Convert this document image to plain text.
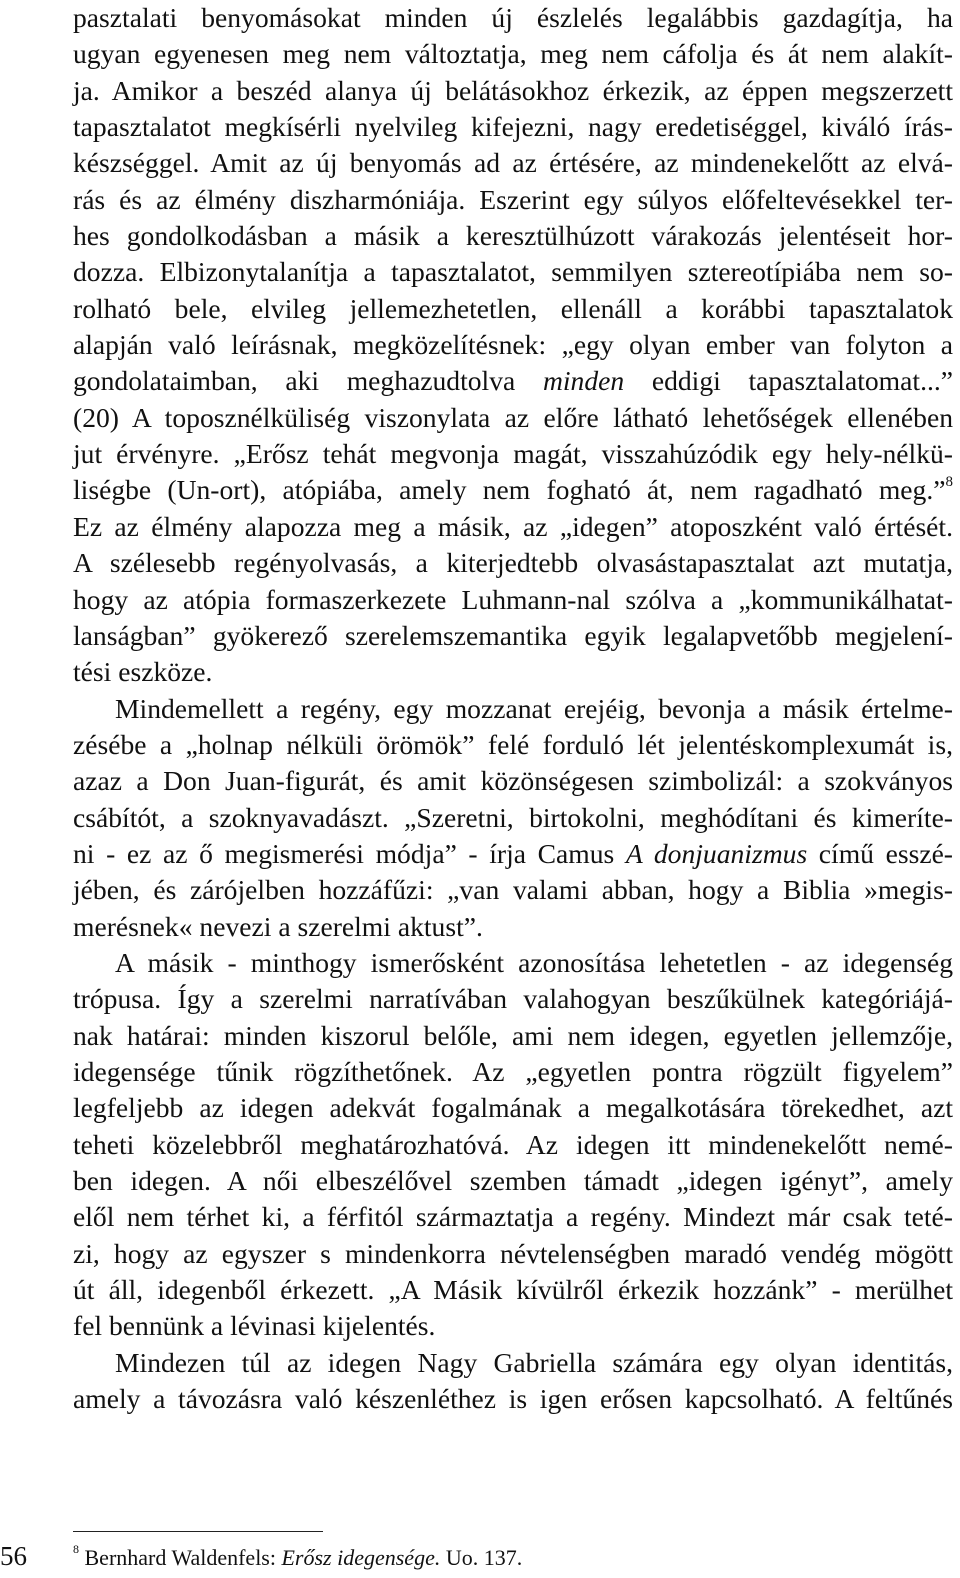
pasztalati benyomásokat minden új észlelés legalábbis gazdagítja, ha
ugyan egyenesen meg nem változtatja, meg nem cáfolja és át nem alakít-
ja. Amikor a beszéd alanya új belátásokhoz érkezik, az éppen megszerzett
tapasztalatot megkísérli nyelvileg kifejezni, nagy eredetiséggel, kiváló írás-
készséggel. Amit az új benyomás ad az értésére, az mindenekelőtt az elvá-
rás és az élmény diszharmóniája. Eszerint egy súlyos előfeltevésekkel ter-
hes gondolkodásban a másik a keresztülhúzott várakozás jelentéseit hor-
dozza. Elbizonytalanítja a tapasztalatot, semmilyen sztereotípiába nem so-
rolható bele, elvileg jellemezhetetlen, ellenáll a korábbi tapasztalatok
alapján való leírásnak, megközelítésnek: „egy olyan ember van folyton a
gondolataimban, aki meghazudtolva minden eddigi tapasztalatomat...”
(20) A toposznélküliség viszonylata az előre látható lehetőségek ellenében
jut érvényre. „Erősz tehát megvonja magát, visszahúzódik egy hely-nélkü-
liségbe (Un-ort), atópiába, amely nem fogható át, nem ragadható meg.”$^8$
Ez az élmény alapozza meg a másik, az „idegen” atoposzként való értését.
A szélesebb regényolvasás, a kiterjedtebb olvasástapasztalat azt mutatja,
hogy az atópia formaszerkezete Luhmann-nal szólva a „kommunikálhatat-
lanságban” gyökerező szerelemszemantika egyik legalapvetőbb megjelení-
tési eszköze.
Mindemellett a regény, egy mozzanat erejéig, bevonja a másik értelme-
zésébe a „holnap nélküli örömök” felé forduló lét jelentéskomplexumát is,
azaz a Don Juan-figurát, és amit közönségesen szimbolizál: a szokványos
csábítót, a szoknyavadászt. „Szeretni, birtokolni, meghódítani és kimeríte-
ni - ez az ő megismerési módja” - írja Camus A donjuanizmus című esszé-
jében, és zárójelben hozzáfűzi: „van valami abban, hogy a Biblia »megis-
merésnek« nevezi a szerelmi aktust”.
A másik - minthogy ismerősként azonosítása lehetetlen - az idegenség
trópusa. Így a szerelmi narratívában valahogyan beszűkülnek kategóriájá-
nak határai: minden kiszorul belőle, ami nem idegen, egyetlen jellemzője,
idegensége tűnik rögzíthetőnek. Az „egyetlen pontra rögzült figyelem”
legfeljebb az idegen adekvát fogalmának a megalkotására törekedhet, azt
teheti közelebbről meghatározhatóvá. Az idegen itt mindenekelőtt nemé-
ben idegen. A női elbeszélővel szemben támadt „idegen igényt”, amely
elől nem térhet ki, a férfitól származtatja a regény. Mindezt már csak teté-
zi, hogy az egyszer s mindenkorra névtelenségben maradó vendég mögött
út áll, idegenből érkezett. „A Másik kívülről érkezik hozzánk” - merülhet
fel bennünk a lévinasi kijelentés.
Mindezen túl az idegen Nagy Gabriella számára egy olyan identitás,
amely a távozásra való készenléthez is igen erősen kapcsolható. A feltűnés
56	$^8$ Bernhard Waldenfels: Erősz idegensége. Uo. 137.
